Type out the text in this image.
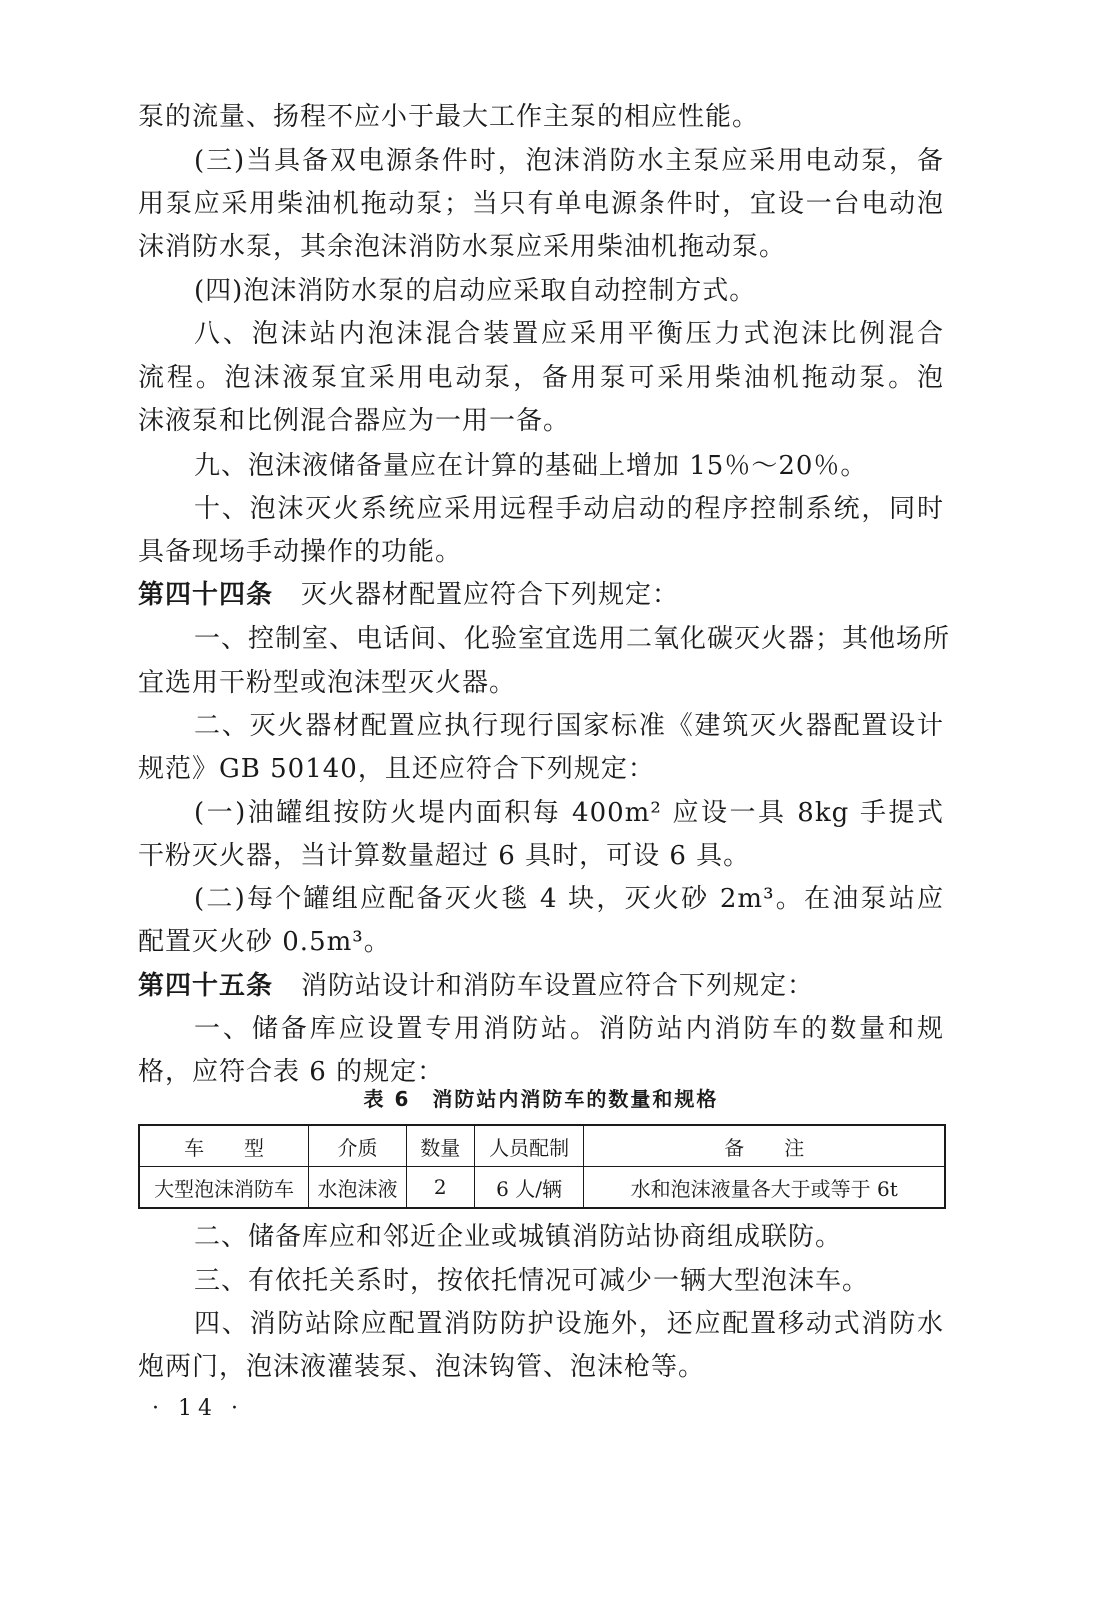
泵的流量、扬程不应小于最大工作主泵的相应性能。
(三)当具备双电源条件时，泡沫消防水主泵应采用电动泵，备
用泵应采用柴油机拖动泵；当只有单电源条件时，宜设一台电动泡
沫消防水泵，其余泡沫消防水泵应采用柴油机拖动泵。
(四)泡沫消防水泵的启动应采取自动控制方式。
八、泡沫站内泡沫混合装置应采用平衡压力式泡沫比例混合
流程。泡沫液泵宜采用电动泵，备用泵可采用柴油机拖动泵。泡
沫液泵和比例混合器应为一用一备。
九、泡沫液储备量应在计算的基础上增加 15％～20％。
十、泡沫灭火系统应采用远程手动启动的程序控制系统，同时
具备现场手动操作的功能。
第四十四条 灭火器材配置应符合下列规定：
一、控制室、电话间、化验室宜选用二氧化碳灭火器；其他场所
宜选用干粉型或泡沫型灭火器。
二、灭火器材配置应执行现行国家标准《建筑灭火器配置设计
规范》GB 50140，且还应符合下列规定：
(一)油罐组按防火堤内面积每 400m² 应设一具 8kg 手提式
干粉灭火器，当计算数量超过 6 具时，可设 6 具。
(二)每个罐组应配备灭火毯 4 块，灭火砂 2m³。在油泵站应
配置灭火砂 0.5m³。
第四十五条 消防站设计和消防车设置应符合下列规定：
一、储备库应设置专用消防站。消防站内消防车的数量和规
格，应符合表 6 的规定：
表 6　消防站内消防车的数量和规格
车　　型	介质	数量	人员配制	备　　注
大型泡沫消防车	水泡沫液	2	6 人/辆	水和泡沫液量各大于或等于 6t
二、储备库应和邻近企业或城镇消防站协商组成联防。
三、有依托关系时，按依托情况可减少一辆大型泡沫车。
四、消防站除应配置消防防护设施外，还应配置移动式消防水
炮两门，泡沫液灌装泵、泡沫钩管、泡沫枪等。
· 14 ·
